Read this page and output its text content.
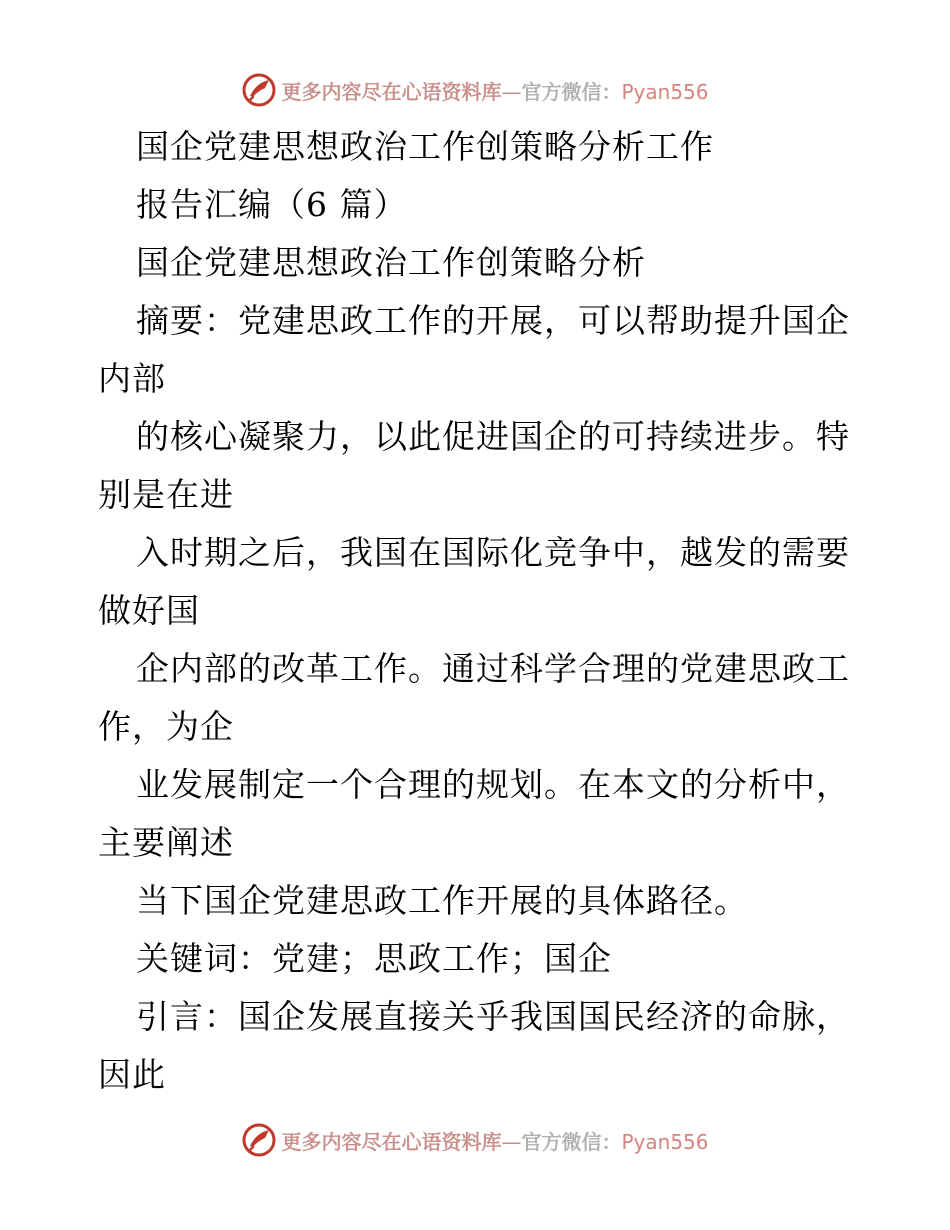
更多内容尽在心语资料库—官方微信：Pyan556
国企党建思想政治工作创策略分析工作
报告汇编（6 篇）
国企党建思想政治工作创策略分析
摘要：党建思政工作的开展，可以帮助提升国企
内部
的核心凝聚力，以此促进国企的可持续进步。特
别是在进
入时期之后，我国在国际化竞争中，越发的需要
做好国
企内部的改革工作。通过科学合理的党建思政工
作，为企
业发展制定一个合理的规划。在本文的分析中，
主要阐述
当下国企党建思政工作开展的具体路径。
关键词：党建；思政工作；国企
引言：国企发展直接关乎我国国民经济的命脉，
因此
更多内容尽在心语资料库—官方微信：Pyan556
